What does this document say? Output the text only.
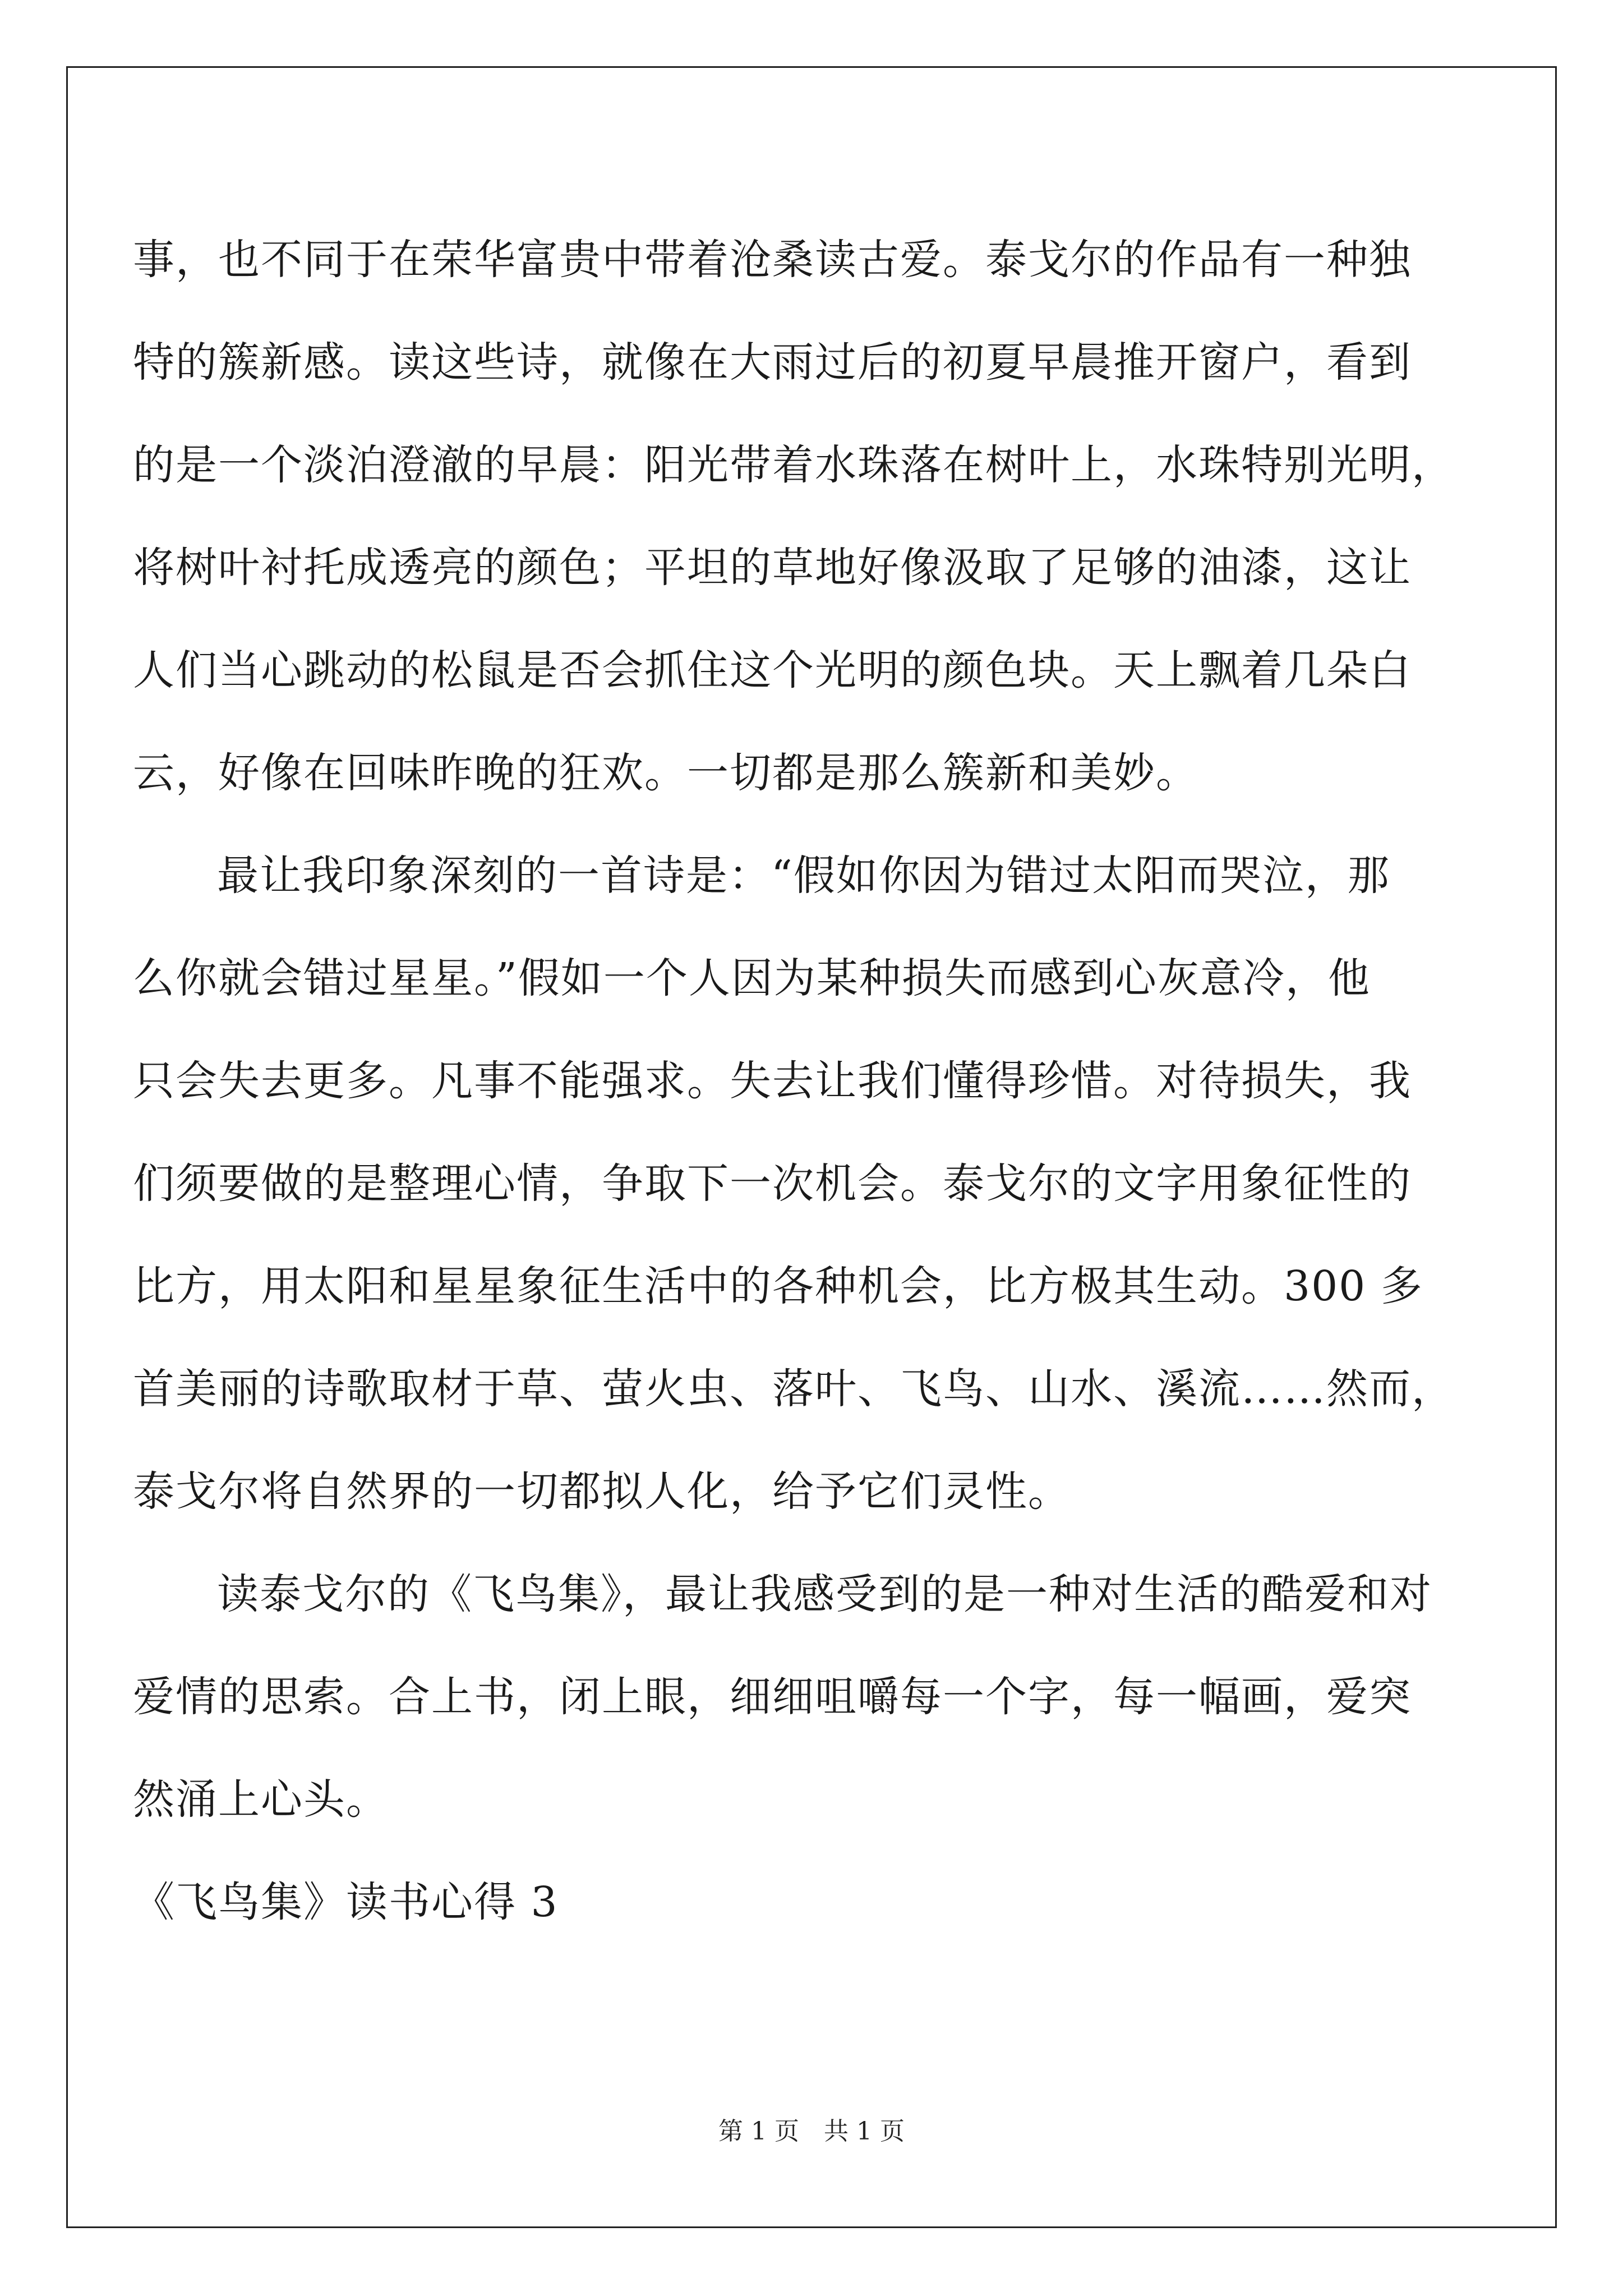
事，也不同于在荣华富贵中带着沧桑读古爱。泰戈尔的作品有一种独
特的簇新感。读这些诗，就像在大雨过后的初夏早晨推开窗户，看到
的是一个淡泊澄澈的早晨：阳光带着水珠落在树叶上，水珠特别光明，
将树叶衬托成透亮的颜色；平坦的草地好像汲取了足够的油漆，这让
人们当心跳动的松鼠是否会抓住这个光明的颜色块。天上飘着几朵白
云，好像在回味昨晚的狂欢。一切都是那么簇新和美妙。
最让我印象深刻的一首诗是：“假如你因为错过太阳而哭泣，那
么你就会错过星星。”假如一个人因为某种损失而感到心灰意冷，他
只会失去更多。凡事不能强求。失去让我们懂得珍惜。对待损失，我
们须要做的是整理心情，争取下一次机会。泰戈尔的文字用象征性的
比方，用太阳和星星象征生活中的各种机会，比方极其生动。300 多
首美丽的诗歌取材于草、萤火虫、落叶、飞鸟、山水、溪流……然而，
泰戈尔将自然界的一切都拟人化，给予它们灵性。
读泰戈尔的《飞鸟集》，最让我感受到的是一种对生活的酷爱和对
爱情的思索。合上书，闭上眼，细细咀嚼每一个字，每一幅画，爱突
然涌上心头。
《飞鸟集》读书心得 3
第 1 页　共 1 页
